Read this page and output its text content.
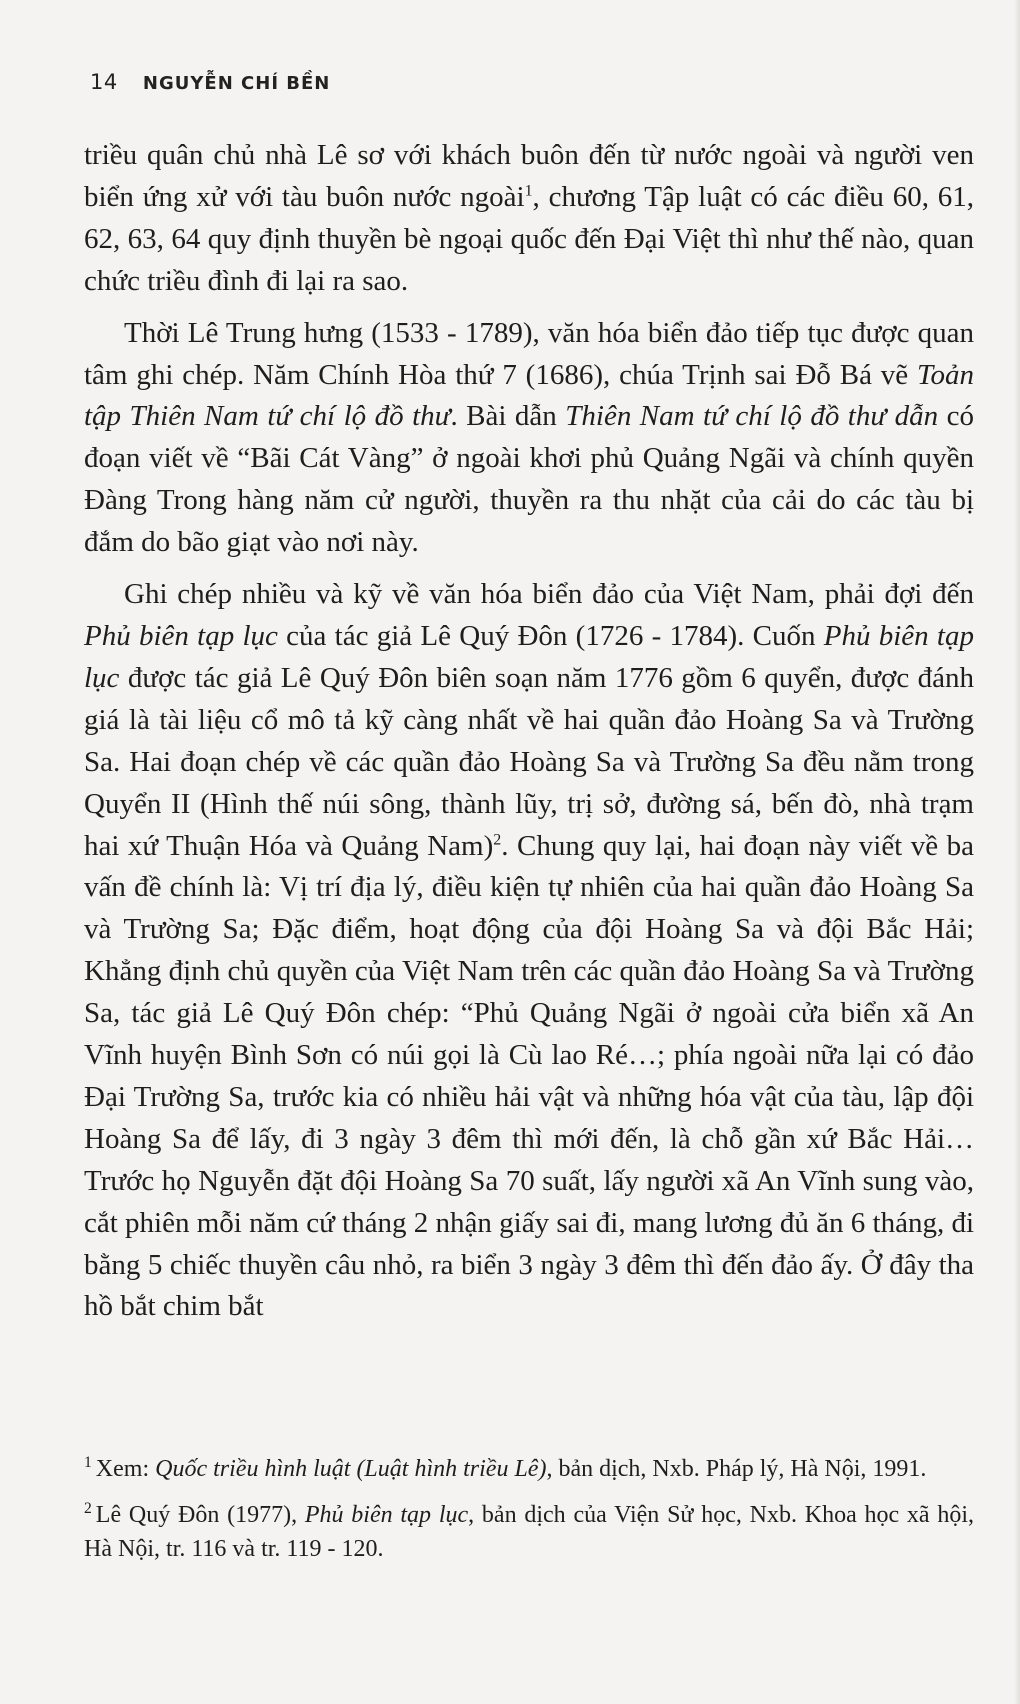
14 NGUYỄN CHÍ BỀN

triều quân chủ nhà Lê sơ với khách buôn đến từ nước ngoài và người ven biển ứng xử với tàu buôn nước ngoài$^1$, chương Tập luật có các điều 60, 61, 62, 63, 64 quy định thuyền bè ngoại quốc đến Đại Việt thì như thế nào, quan chức triều đình đi lại ra sao.

Thời Lê Trung hưng (1533 - 1789), văn hóa biển đảo tiếp tục được quan tâm ghi chép. Năm Chính Hòa thứ 7 (1686), chúa Trịnh sai Đỗ Bá vẽ Toản tập Thiên Nam tứ chí lộ đồ thư. Bài dẫn Thiên Nam tứ chí lộ đồ thư dẫn có đoạn viết về “Bãi Cát Vàng” ở ngoài khơi phủ Quảng Ngãi và chính quyền Đàng Trong hàng năm cử người, thuyền ra thu nhặt của cải do các tàu bị đắm do bão giạt vào nơi này.

Ghi chép nhiều và kỹ về văn hóa biển đảo của Việt Nam, phải đợi đến Phủ biên tạp lục của tác giả Lê Quý Đôn (1726 - 1784). Cuốn Phủ biên tạp lục được tác giả Lê Quý Đôn biên soạn năm 1776 gồm 6 quyển, được đánh giá là tài liệu cổ mô tả kỹ càng nhất về hai quần đảo Hoàng Sa và Trường Sa. Hai đoạn chép về các quần đảo Hoàng Sa và Trường Sa đều nằm trong Quyển II (Hình thế núi sông, thành lũy, trị sở, đường sá, bến đò, nhà trạm hai xứ Thuận Hóa và Quảng Nam)$^2$. Chung quy lại, hai đoạn này viết về ba vấn đề chính là: Vị trí địa lý, điều kiện tự nhiên của hai quần đảo Hoàng Sa và Trường Sa; Đặc điểm, hoạt động của đội Hoàng Sa và đội Bắc Hải; Khẳng định chủ quyền của Việt Nam trên các quần đảo Hoàng Sa và Trường Sa, tác giả Lê Quý Đôn chép: “Phủ Quảng Ngãi ở ngoài cửa biển xã An Vĩnh huyện Bình Sơn có núi gọi là Cù lao Ré…; phía ngoài nữa lại có đảo Đại Trường Sa, trước kia có nhiều hải vật và những hóa vật của tàu, lập đội Hoàng Sa để lấy, đi 3 ngày 3 đêm thì mới đến, là chỗ gần xứ Bắc Hải… Trước họ Nguyễn đặt đội Hoàng Sa 70 suất, lấy người xã An Vĩnh sung vào, cắt phiên mỗi năm cứ tháng 2 nhận giấy sai đi, mang lương đủ ăn 6 tháng, đi bằng 5 chiếc thuyền câu nhỏ, ra biển 3 ngày 3 đêm thì đến đảo ấy. Ở đây tha hồ bắt chim bắt

$^1$ Xem: Quốc triều hình luật (Luật hình triều Lê), bản dịch, Nxb. Pháp lý, Hà Nội, 1991.

$^2$ Lê Quý Đôn (1977), Phủ biên tạp lục, bản dịch của Viện Sử học, Nxb. Khoa học xã hội, Hà Nội, tr. 116 và tr. 119 - 120.
